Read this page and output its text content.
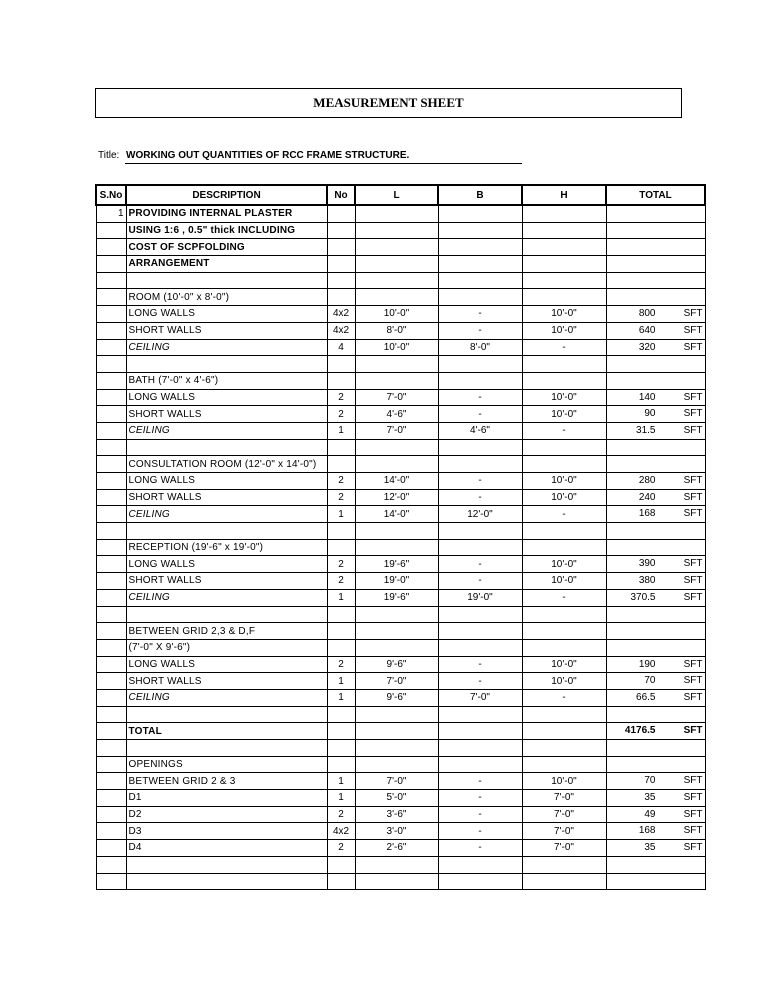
MEASUREMENT SHEET
Title: WORKING OUT QUANTITIES OF RCC FRAME STRUCTURE.
S.No	DESCRIPTION	No	L	B	H	TOTAL
1	PROVIDING INTERNAL PLASTER					
	USING 1:6 , 0.5" thick INCLUDING					
	COST OF SCPFOLDING					
	ARRANGEMENT					

	ROOM (10'-0" x 8'-0")					
	LONG WALLS	4x2	10'-0"	-	10'-0"	800 SFT

	SHORT WALLS	4x2	8'-0"	-	10'-0"	640 SFT

	CEILING	4	10'-0"	8'-0"	-	320 SFT

	BATH (7'-0" x 4'-6")					
	LONG WALLS	2	7'-0"	-	10'-0"	140 SFT

	SHORT WALLS	2	4'-6"	-	10'-0"	90 SFT

	CEILING	1	7'-0"	4'-6"	-	31.5 SFT

	CONSULTATION ROOM (12'-0" x 14'-0")					
	LONG WALLS	2	14'-0"	-	10'-0"	280 SFT

	SHORT WALLS	2	12'-0"	-	10'-0"	240 SFT

	CEILING	1	14'-0"	12'-0"	-	168 SFT

	RECEPTION (19'-6" x 19'-0")					
	LONG WALLS	2	19'-6"	-	10'-0"	390 SFT

	SHORT WALLS	2	19'-0"	-	10'-0"	380 SFT

	CEILING	1	19'-6"	19'-0"	-	370.5 SFT

	BETWEEN GRID 2,3 & D,F					
	(7'-0" X 9'-6")					
	LONG WALLS	2	9'-6"	-	10'-0"	190 SFT

	SHORT WALLS	1	7'-0"	-	10'-0"	70 SFT

	CEILING	1	9'-6"	7'-0"	-	66.5 SFT

	TOTAL					4176.5 SFT

	OPENINGS					
	BETWEEN GRID 2 & 3	1	7'-0"	-	10'-0"	70 SFT

	D1	1	5'-0"	-	7'-0"	35 SFT

	D2	2	3'-6"	-	7'-0"	49 SFT

	D3	4x2	3'-0"	-	7'-0"	168 SFT

	D4	2	2'-6"	-	7'-0"	35 SFT
